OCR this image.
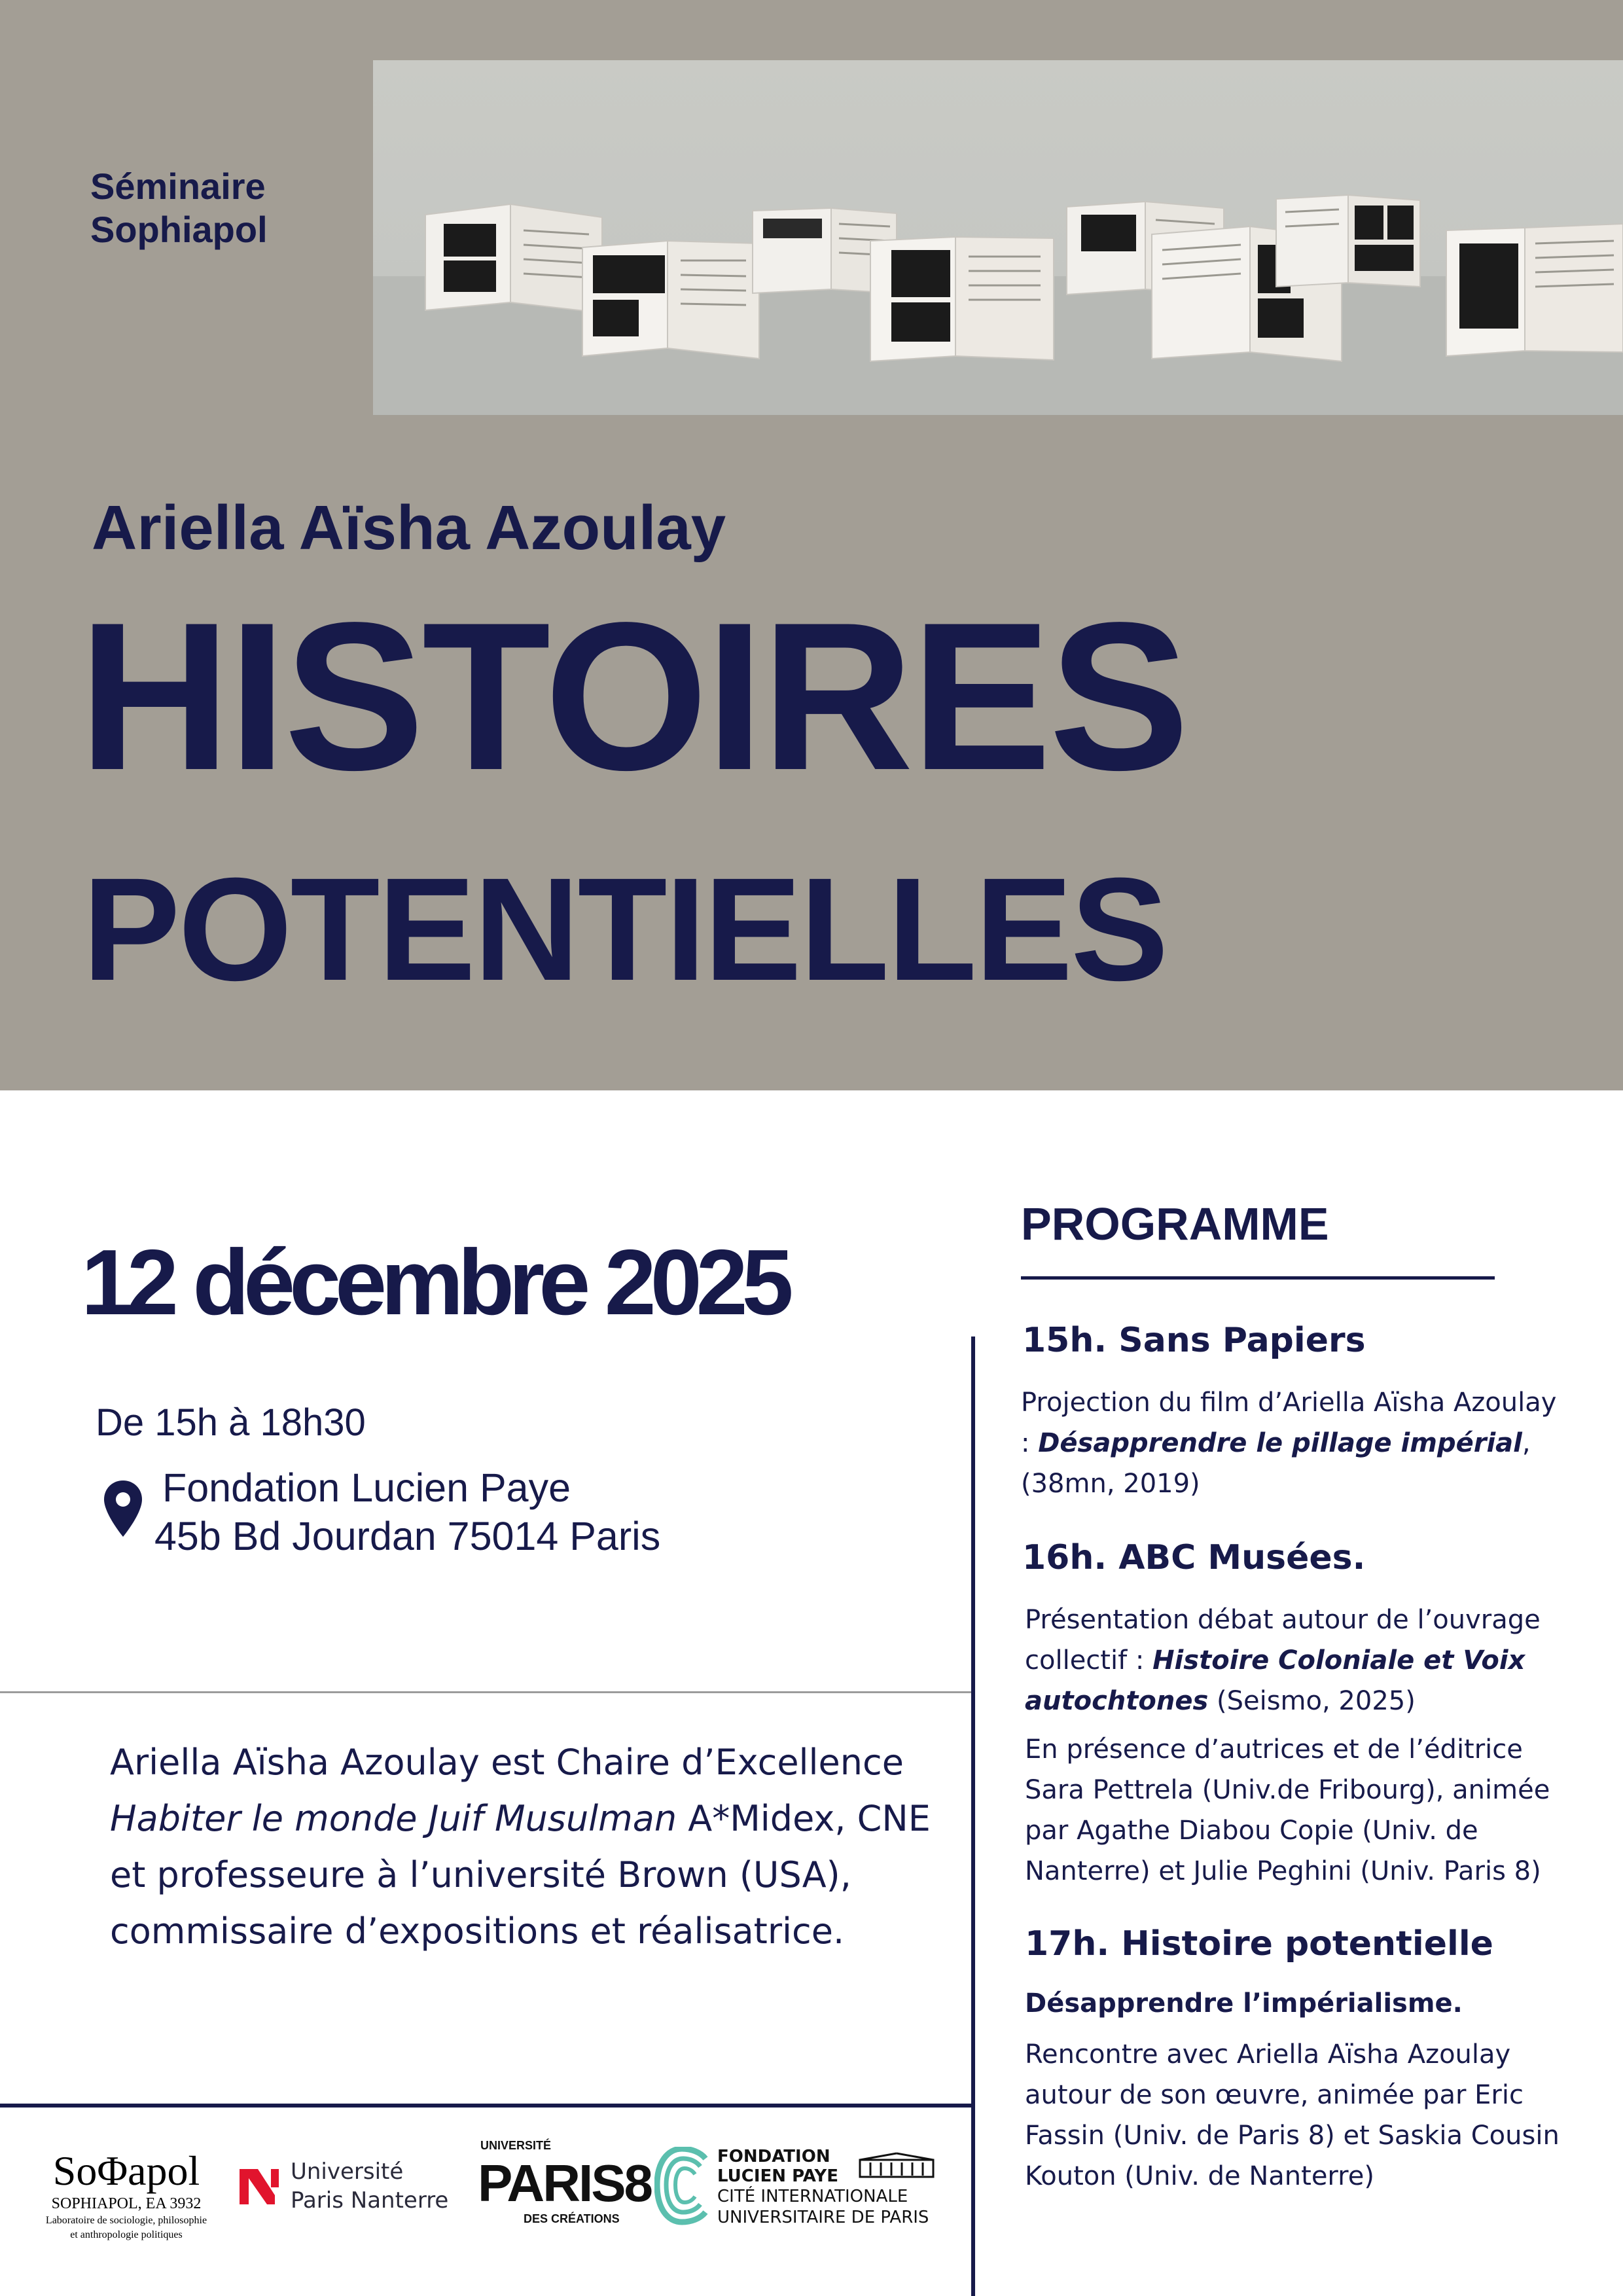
Séminaire
Sophiapol
Ariella Aïsha Azoulay
HISTOIRES
POTENTIELLES
12 décembre 2025
De 15h à 18h30
Fondation Lucien Paye
45b Bd Jourdan 75014 Paris
Ariella Aïsha Azoulay est Chaire d’Excellence Habiter le monde Juif Musulman A*Midex, CNE et professeure à l’université Brown (USA), commissaire d’expositions et réalisatrice.
PROGRAMME
15h. Sans Papiers
Projection du film d’Ariella Aïsha Azoulay : Désapprendre le pillage impérial, (38mn, 2019)
16h. ABC Musées.
Présentation débat autour de l’ouvrage collectif : Histoire Coloniale et Voix autochtones (Seismo, 2025)
En présence d’autrices et de l’éditrice Sara Pettrela (Univ.de Fribourg), animée par Agathe Diabou Copie (Univ. de Nanterre) et Julie Peghini (Univ. Paris 8)
17h. Histoire potentielle
Désapprendre l’impérialisme.
Rencontre avec Ariella Aïsha Azoulay autour de son œuvre, animée par Eric Fassin (Univ. de Paris 8) et Saskia Cousin Kouton (Univ. de Nanterre)
SoΦapol
SOPHIAPOL, EA 3932
Laboratoire de sociologie, philosophie
et anthropologie politiques
Université
Paris Nanterre
UNIVERSITÉ
PARIS8
DES CRÉATIONS
FONDATION
LUCIEN PAYE
CITÉ INTERNATIONALE
UNIVERSITAIRE DE PARIS
